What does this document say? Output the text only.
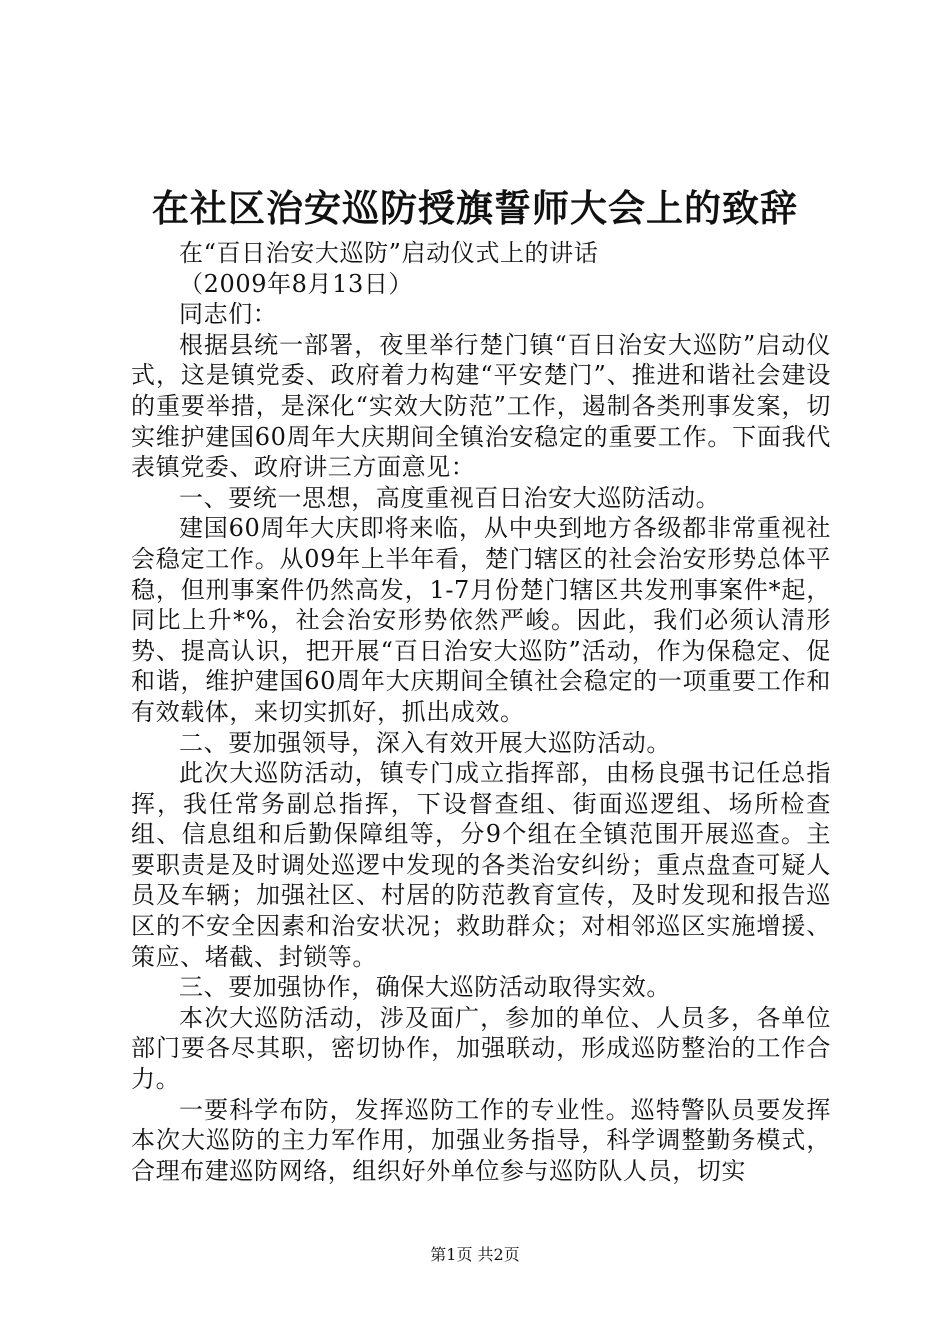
在社区治安巡防授旗誓师大会上的致辞

在“百日治安大巡防”启动仪式上的讲话

（2009年8月13日）

同志们：

根据县统一部署，夜里举行楚门镇“百日治安大巡防”启动仪式，这是镇党委、政府着力构建“平安楚门”、推进和谐社会建设的重要举措，是深化“实效大防范”工作，遏制各类刑事发案，切实维护建国60周年大庆期间全镇治安稳定的重要工作。下面我代表镇党委、政府讲三方面意见：

一、要统一思想，高度重视百日治安大巡防活动。

建国60周年大庆即将来临，从中央到地方各级都非常重视社会稳定工作。从09年上半年看，楚门辖区的社会治安形势总体平稳，但刑事案件仍然高发，1-7月份楚门辖区共发刑事案件*起，同比上升*%，社会治安形势依然严峻。因此，我们必须认清形势、提高认识，把开展“百日治安大巡防”活动，作为保稳定、促和谐，维护建国60周年大庆期间全镇社会稳定的一项重要工作和有效载体，来切实抓好，抓出成效。

二、要加强领导，深入有效开展大巡防活动。

此次大巡防活动，镇专门成立指挥部，由杨良强书记任总指挥，我任常务副总指挥，下设督查组、街面巡逻组、场所检查组、信息组和后勤保障组等，分9个组在全镇范围开展巡查。主要职责是及时调处巡逻中发现的各类治安纠纷；重点盘查可疑人员及车辆；加强社区、村居的防范教育宣传，及时发现和报告巡区的不安全因素和治安状况；救助群众；对相邻巡区实施增援、策应、堵截、封锁等。

三、要加强协作，确保大巡防活动取得实效。

本次大巡防活动，涉及面广，参加的单位、人员多，各单位部门要各尽其职，密切协作，加强联动，形成巡防整治的工作合力。

一要科学布防，发挥巡防工作的专业性。巡特警队员要发挥本次大巡防的主力军作用，加强业务指导，科学调整勤务模式，合理布建巡防网络，组织好外单位参与巡防队人员，切实

第1页 共2页
